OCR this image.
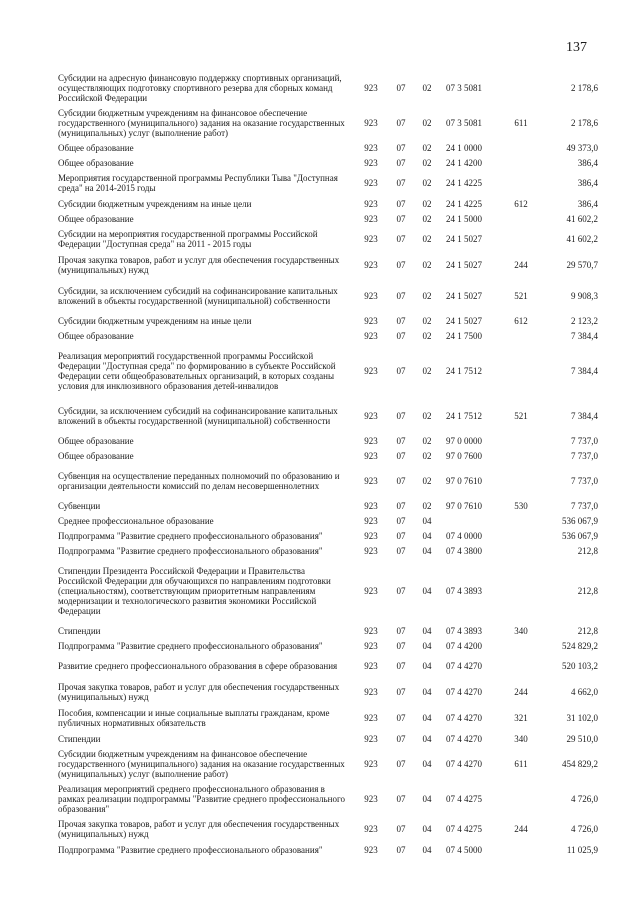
137
Субсидии на адресную финансовую поддержку спортивных организаций, осуществляющих подготовку спортивного резерва для сборных команд Российской Федерации	923	07	02	07 3 5081		2 178,6
Субсидии бюджетным учреждениям на финансовое обеспечение государственного (муниципального) задания на оказание государственных (муниципальных) услуг (выполнение работ)	923	07	02	07 3 5081	611	2 178,6
Общее образование	923	07	02	24 1 0000		49 373,0
Общее образование	923	07	02	24 1 4200		386,4
Мероприятия государственной программы Республики Тыва "Доступная среда" на 2014-2015 годы	923	07	02	24 1 4225		386,4
Субсидии бюджетным учреждениям на иные цели	923	07	02	24 1 4225	612	386,4
Общее образование	923	07	02	24 1 5000		41 602,2
Субсидии на мероприятия государственной программы Российской Федерации "Доступная среда" на 2011 - 2015 годы	923	07	02	24 1 5027		41 602,2
Прочая закупка товаров, работ и услуг для обеспечения государственных (муниципальных) нужд	923	07	02	24 1 5027	244	29 570,7
Субсидии, за исключением субсидий на софинансирование капитальных вложений в объекты государственной (муниципальной) собственности	923	07	02	24 1 5027	521	9 908,3
Субсидии бюджетным учреждениям на иные цели	923	07	02	24 1 5027	612	2 123,2
Общее образование	923	07	02	24 1 7500		7 384,4
Реализация мероприятий государственной программы Российской Федерации "Доступная среда" по формированию в субъекте Российской Федерации сети общеобразовательных организаций, в которых созданы условия для инклюзивного образования детей-инвалидов	923	07	02	24 1 7512		7 384,4
Субсидии, за исключением субсидий на софинансирование капитальных вложений в объекты государственной (муниципальной) собственности	923	07	02	24 1 7512	521	7 384,4
Общее образование	923	07	02	97 0 0000		7 737,0
Общее образование	923	07	02	97 0 7600		7 737,0
Субвенция на осуществление переданных полномочий по образованию и организации деятельности комиссий по делам несовершеннолетних	923	07	02	97 0 7610		7 737,0
Субвенции	923	07	02	97 0 7610	530	7 737,0
Среднее профессиональное образование	923	07	04			536 067,9
Подпрограмма "Развитие среднего профессионального образования"	923	07	04	07 4 0000		536 067,9
Подпрограмма "Развитие среднего профессионального образования"	923	07	04	07 4 3800		212,8
Стипендии Президента Российской Федерации и Правительства Российской Федерации для обучающихся по направлениям подготовки (специальностям), соответствующим приоритетным направлениям модернизации и технологического развития экономики Российской Федерации	923	07	04	07 4 3893		212,8
Стипендии	923	07	04	07 4 3893	340	212,8
Подпрограмма "Развитие среднего профессионального образования"	923	07	04	07 4 4200		524 829,2
Развитие среднего профессионального образования в сфере образования	923	07	04	07 4 4270		520 103,2
Прочая закупка товаров, работ и услуг для обеспечения государственных (муниципальных) нужд	923	07	04	07 4 4270	244	4 662,0
Пособия, компенсации и иные социальные выплаты гражданам, кроме публичных нормативных обязательств	923	07	04	07 4 4270	321	31 102,0
Стипендии	923	07	04	07 4 4270	340	29 510,0
Субсидии бюджетным учреждениям на финансовое обеспечение государственного (муниципального) задания на оказание государственных (муниципальных) услуг (выполнение работ)	923	07	04	07 4 4270	611	454 829,2
Реализация мероприятий среднего профессионального образования в рамках реализации подпрограммы "Развитие среднего профессионального образования"	923	07	04	07 4 4275		4 726,0
Прочая закупка товаров, работ и услуг для обеспечения государственных (муниципальных) нужд	923	07	04	07 4 4275	244	4 726,0
Подпрограмма "Развитие среднего профессионального образования"	923	07	04	07 4 5000		11 025,9
